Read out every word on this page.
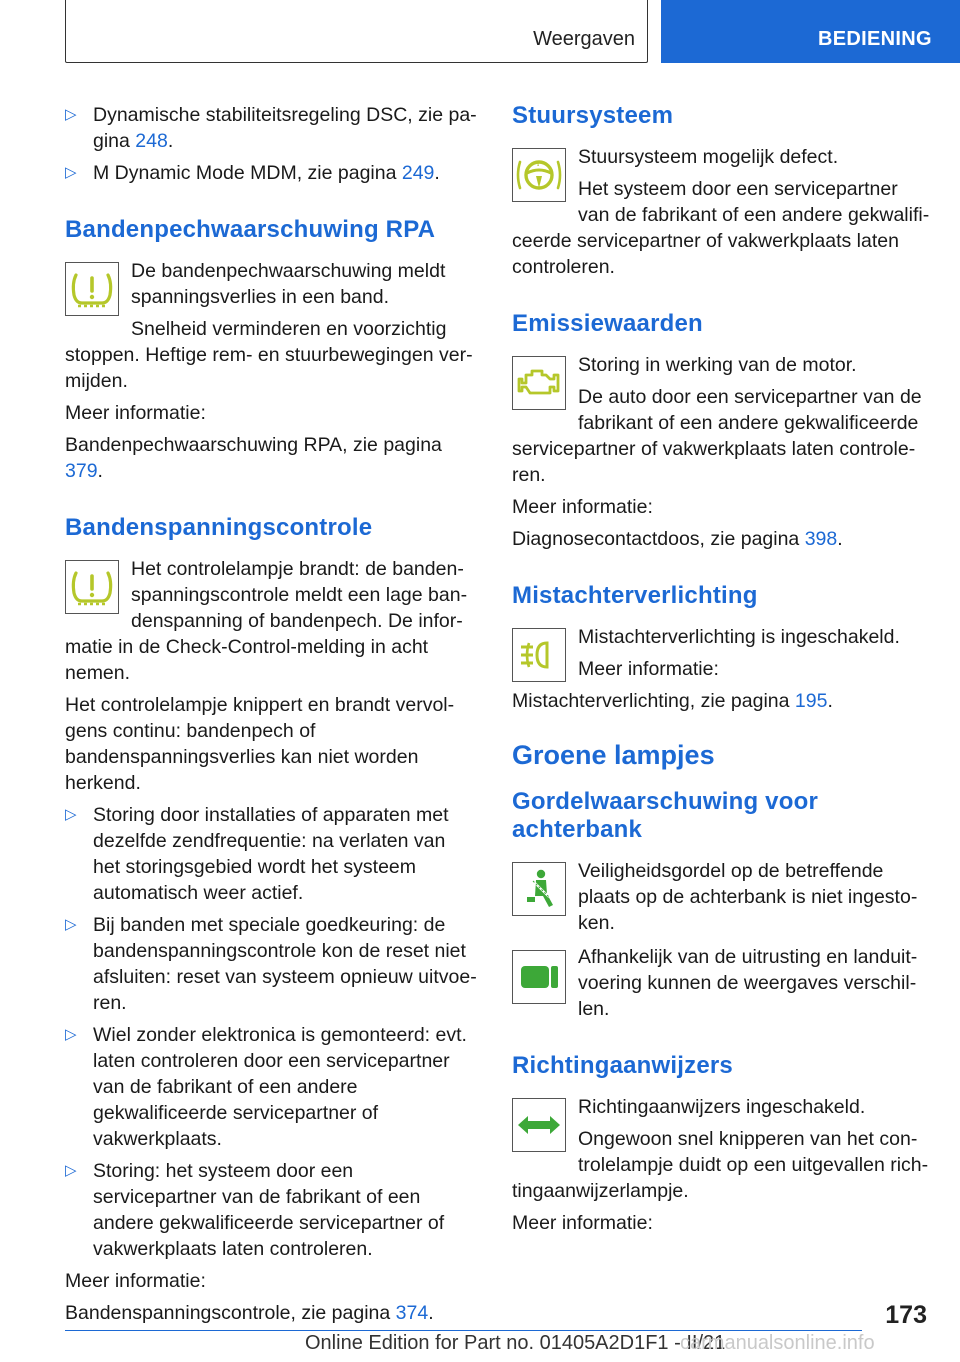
Weergaven	BEDIENING
▷ Dynamische stabiliteitsregeling DSC, zie pagina 248.
▷ M Dynamic Mode MDM, zie pagina 249.
Bandenpechwaarschuwing RPA

De bandenpechwaarschuwing meldt spanningsverlies in een band.

Snelheid verminderen en voorzichtig stoppen. Heftige rem- en stuurbewegingen vermijden.

Meer informatie:

Bandenpechwaarschuwing RPA, zie pagina 379.

Bandenspanningscontrole

Het controlelampje brandt: de bandenspanningscontrole meldt een lage bandenspanning of bandenpech. De informatie in de Check-Control-melding in acht nemen.

Het controlelampje knippert en brandt vervolgens continu: bandenpech of bandenspanningsverlies kan niet worden herkend.

▷ Storing door installaties of apparaten met dezelfde zendfrequentie: na verlaten van het storingsgebied wordt het systeem automatisch weer actief.
▷ Bij banden met speciale goedkeuring: de bandenspanningscontrole kon de reset niet afsluiten: reset van systeem opnieuw uitvoeren.
▷ Wiel zonder elektronica is gemonteerd: evt. laten controleren door een servicepartner van de fabrikant of een andere gekwalificeerde servicepartner of vakwerkplaats.
▷ Storing: het systeem door een servicepartner van de fabrikant of een andere gekwalificeerde servicepartner of vakwerkplaats laten controleren.

Meer informatie:

Bandenspanningscontrole, zie pagina 374.

Stuursysteem
!	Stuursysteem mogelijk defect.

Het systeem door een servicepartner van de fabrikant of een andere gekwalificeerde servicepartner of vakwerkplaats laten controleren.

Emissiewaarden

Storing in werking van de motor.

De auto door een servicepartner van de fabrikant of een andere gekwalificeerde servicepartner of vakwerkplaats laten controleren.

Meer informatie:

Diagnosecontactdoos, zie pagina 398.

Mistachterverlichting

Mistachterverlichting is ingeschakeld.

Meer informatie:

Mistachterverlichting, zie pagina 195.

Groene lampjes
Gordelwaarschuwing voor achterbank

Veiligheidsgordel op de betreffende plaats op de achterbank is niet ingestoken.

Afhankelijk van de uitrusting en landuitvoering kunnen de weergaves verschillen.

Richtingaanwijzers

Richtingaanwijzers ingeschakeld.

Ongewoon snel knipperen van het controlelampje duidt op een uitgevallen richtingaanwijzerlampje.

Meer informatie:

173
Online Edition for Part no. 01405A2D1F1 - II/21
carmanualsonline.info
